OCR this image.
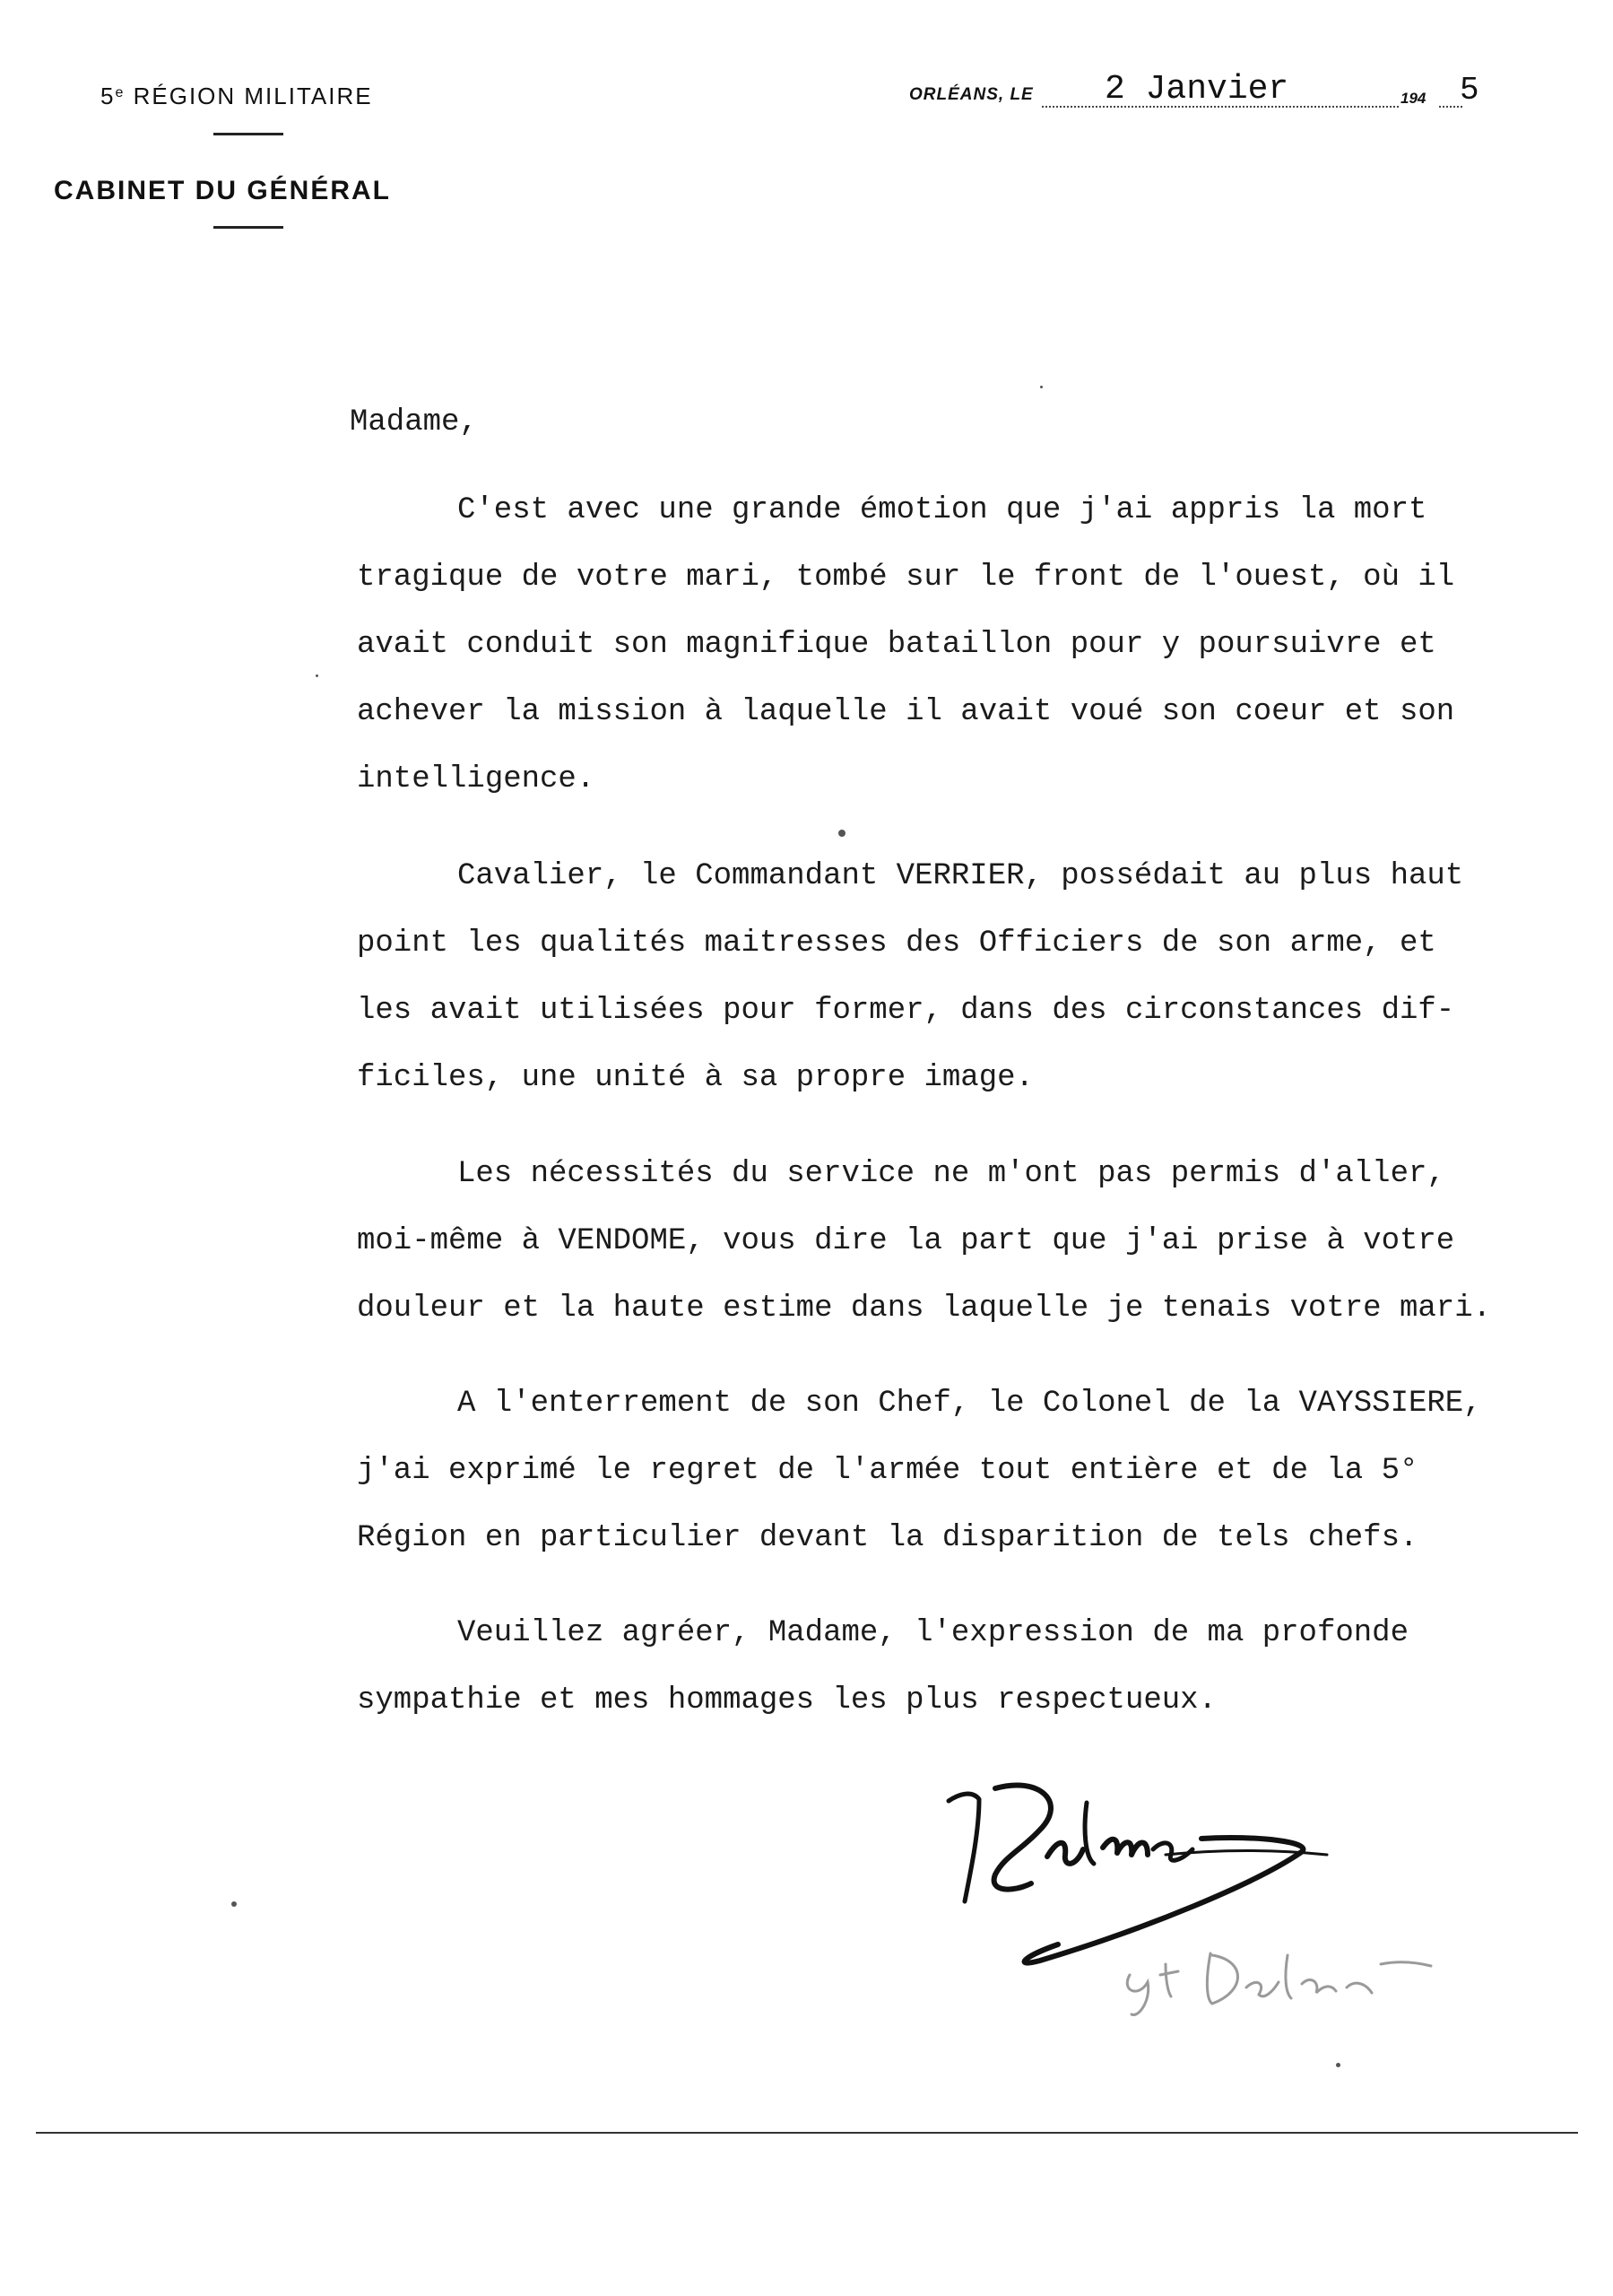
5e RÉGION MILITAIRE
CABINET DU GÉNÉRAL
ORLÉANS, LE 2 Janvier	194 5
Madame,
C'est avec une grande émotion que j'ai appris la mort
tragique de votre mari, tombé sur le front de l'ouest, où il
avait conduit son magnifique bataillon pour y poursuivre et
achever la mission à laquelle il avait voué son coeur et son
intelligence.
Cavalier, le Commandant VERRIER, possédait au plus haut
point les qualités maitresses des Officiers de son arme, et
les avait utilisées pour former, dans des circonstances dif-
ficiles, une unité à sa propre image.
Les nécessités du service ne m'ont pas permis d'aller,
moi-même à VENDOME, vous dire la part que j'ai prise à votre
douleur et la haute estime dans laquelle je tenais votre mari.
A l'enterrement de son Chef, le Colonel de la VAYSSIERE,
j'ai exprimé le regret de l'armée tout entière et de la 5°
Région en particulier devant la disparition de tels chefs.
Veuillez agréer, Madame, l'expression de ma profonde
sympathie et mes hommages les plus respectueux.
